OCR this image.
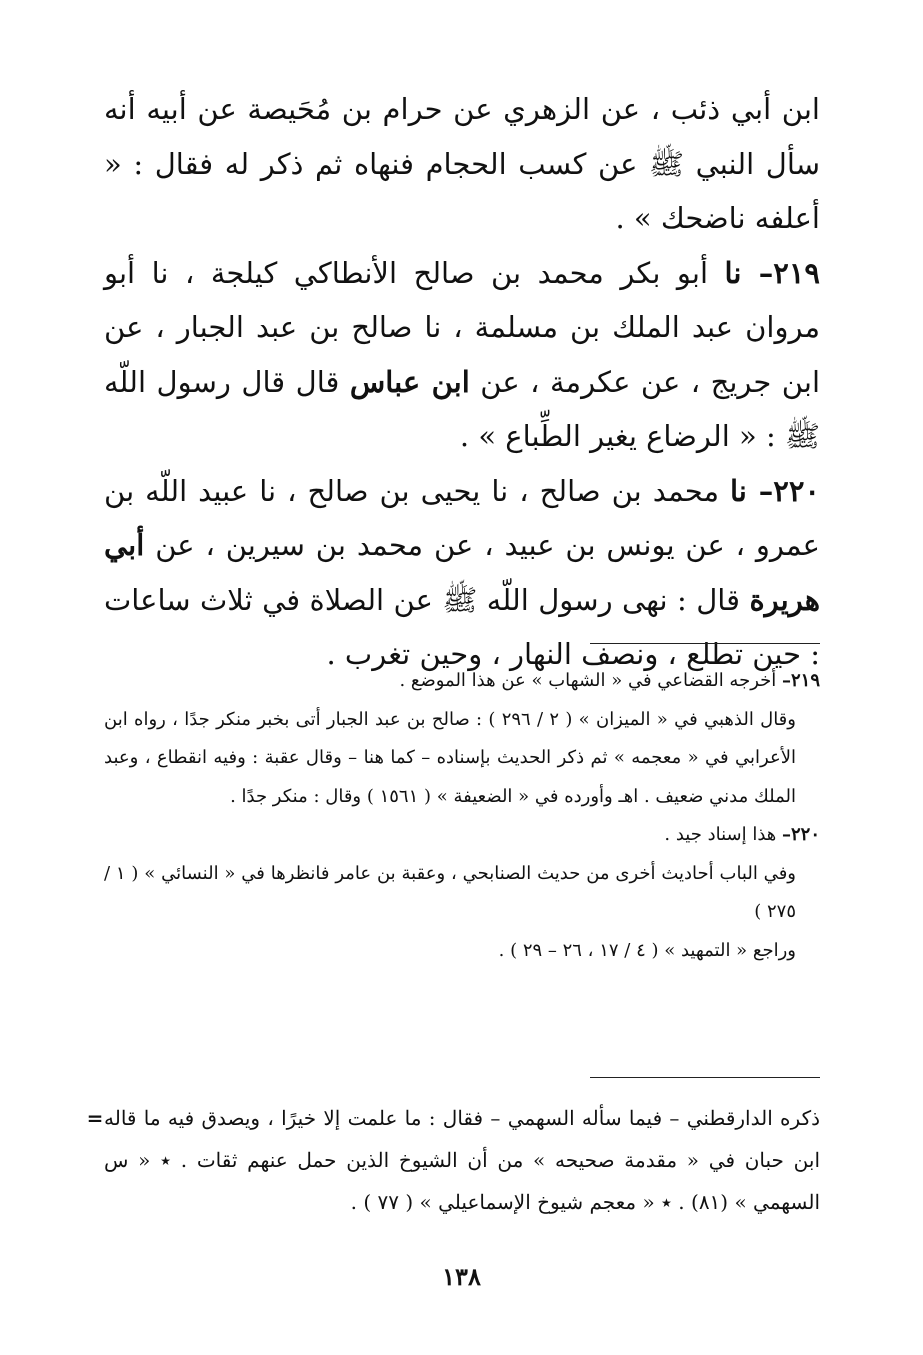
ابن أبي ذئب ، عن الزهري عن حرام بن مُحَيصة عن أبيه أنه سأل النبي ﷺ عن كسب الحجام فنهاه ثم ذكر له فقال : « أعلفه ناضحك » .

٢١٩– نا أبو بكر محمد بن صالح الأنطاكي كيلجة ، نا أبو مروان عبد الملك بن مسلمة ، نا صالح بن عبد الجبار ، عن ابن جريج ، عن عكرمة ، عن ابن عباس قال قال رسول اللّه ﷺ : « الرضاع يغير الطِّباع » .

٢٢٠– نا محمد بن صالح ، نا يحيى بن صالح ، نا عبيد اللّه بن عمرو ، عن يونس بن عبيد ، عن محمد بن سيرين ، عن أبي هريرة قال : نهى رسول اللّه ﷺ عن الصلاة في ثلاث ساعات : حين تطلع ، ونصف النهار ، وحين تغرب .

٢١٩– أخرجه القضاعي في « الشهاب » عن هذا الموضع .

وقال الذهبي في « الميزان » ( ٢ / ٢٩٦ ) : صالح بن عبد الجبار أتى بخبر منكر جدًا ، رواه ابن الأعرابي في « معجمه » ثم ذكر الحديث بإسناده – كما هنا – وقال عقبة : وفيه انقطاع ، وعبد الملك مدني ضعيف . اهـ وأورده في « الضعيفة » ( ١٥٦١ ) وقال : منكر جدًا .

٢٢٠– هذا إسناد جيد .

وفي الباب أحاديث أخرى من حديث الصنابحي ، وعقبة بن عامر فانظرها في « النسائي » ( ١ / ٢٧٥ )

وراجع « التمهيد » ( ٤ / ١٧ ، ٢٦ – ٢٩ ) .

= ذكره الدارقطني – فيما سأله السهمي – فقال : ما علمت إلا خيرًا ، ويصدق فيه ما قاله ابن حبان في « مقدمة صحيحه » من أن الشيوخ الذين حمل عنهم ثقات . ٭ « س السهمي » (٨١) . ٭ « معجم شيوخ الإسماعيلي » ( ٧٧ ) .

١٣٨
